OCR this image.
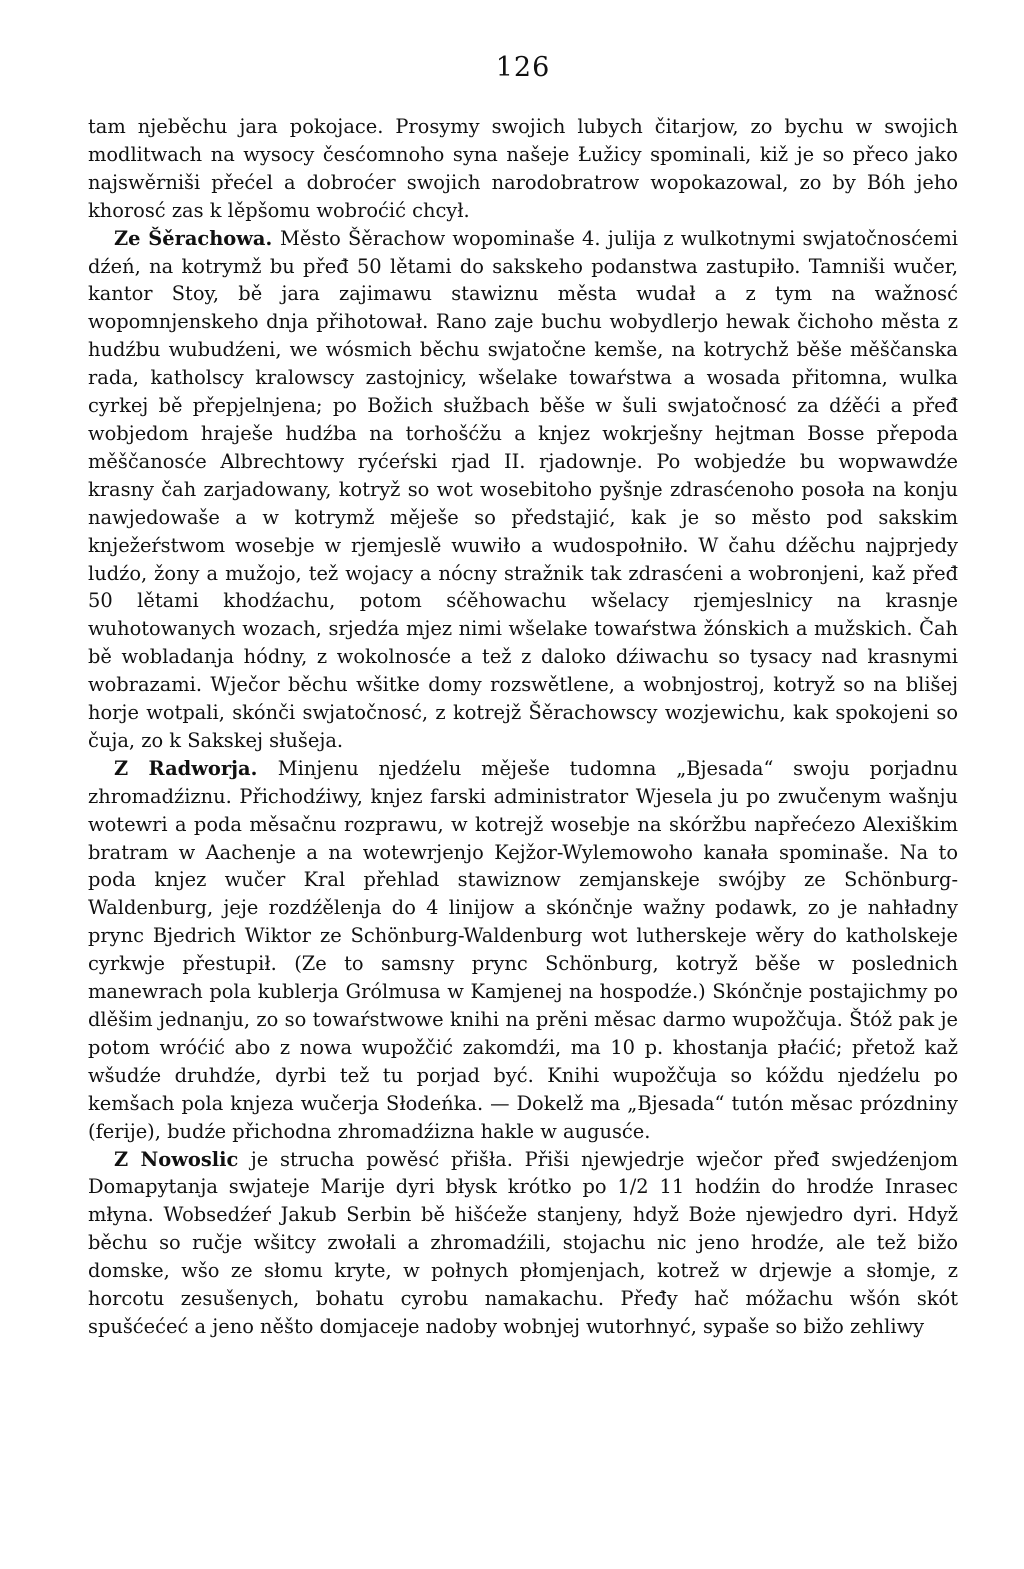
126

tam njeběchu jara pokojace. Prosymy swojich lubych čitarjow, zo bychu w swojich modlitwach na wysocy česćomnoho syna našeje Łužicy spominali, kiž je so přeco jako najswěrniši přećel a dobroćer swojich narodobratrow wopokazowal, zo by Bóh jeho khorosć zas k lěpšomu wobroćić chcył.

Ze Šěrachowa. Město Šěrachow wopominaše 4. julija z wulkotnymi swjatočnosćemi dźeń, na kotrymž bu přeđ 50 lětami do sakskeho podanstwa zastupiło. Tamniši wučer, kantor Stoy, bě jara zajimawu stawiznu města wudał a z tym na wažnosć wopomnjenskeho dnja přihotował. Rano zaje buchu wobydlerjo hewak čichoho města z hudźbu wubudźeni, we wósmich běchu swjatočne kemše, na kotrychž běše měščanska rada, katholscy kralowscy zastojnicy, wšelake towaŕstwa a wosada přitomna, wulka cyrkej bě přepjelnjena; po Božich słužbach běše w šuli swjatočnosć za dźěći a přeđ wobjedom hraješe hudźba na torhošćžu a knjez wokrješny hejtman Bosse přepoda měščanosće Albrechtowy ryćeŕski rjad II. rjadownje. Po wobjedźe bu wopwawdźe krasny čah zarjadowany, kotryž so wot wosebitoho pyšnje zdrasćenoho posoła na konju nawjedowaše a w kotrymž měješe so předstajić, kak je so město pod sakskim knježeŕstwom wosebje w rjemjeslě wuwiło a wudospołniło. W čahu dźěchu najprjedy ludźo, žony a mužojo, tež wojacy a nócny stražnik tak zdrasćeni a wobronjeni, kaž přeđ 50 lětami khodźachu, potom sćěhowachu wšelacy rjemjeslnicy na krasnje wuhotowanych wozach, srjedźa mjez nimi wšelake towaŕstwa žónskich a mužskich. Čah bě wobladanja hódny, z wokolnosće a tež z daloko dźiwachu so tysacy nad krasnymi wobrazami. Wječor běchu wšitke domy rozswětlene, a wobnjostroj, kotryž so na blišej horje wotpali, skónči swjatočnosć, z kotrejž Šěrachowscy wozjewichu, kak spokojeni so čuja, zo k Sakskej słušeja.

Z Radworja. Minjenu njedźelu měješe tudomna „Bjesada“ swoju porjadnu zhromadźiznu. Přichodźiwy, knjez farski administrator Wjesela ju po zwučenym wašnju wotewri a poda měsačnu rozprawu, w kotrejž wosebje na skóržbu napřećezo Alexiškim bratram w Aachenje a na wotewrjenjo Kejžor-Wylemowoho kanała spominaše. Na to poda knjez wučer Kral přehlad stawiznow zemjanskeje swójby ze Schönburg-Waldenburg, jeje rozdźělenja do 4 linijow a skónčnje wažny podawk, zo je nahładny prync Bjedrich Wiktor ze Schönburg-Waldenburg wot lutherskeje wěry do katholskeje cyrkwje přestupił. (Ze to samsny prync Schönburg, kotryž běše w poslednich manewrach pola kublerja Grólmusa w Kamjenej na hospodźe.) Skónčnje postajichmy po dlěšim jednanju, zo so towaŕstwowe knihi na prěni měsac darmo wupožčuja. Štóž pak je potom wróćić abo z nowa wupožčić zakomdźi, ma 10 p. khostanja płaćić; přetož kaž wšudźe druhdźe, dyrbi tež tu porjad być. Knihi wupožčuja so kóždu njedźelu po kemšach pola knjeza wučerja Słodeńka. — Dokelž ma „Bjesada“ tutón měsac prózdniny (ferije), budźe přichodna zhromadźizna hakle w augusće.

Z Nowoslic je strucha powěsć přišła. Přiši njewjedrje wječor přeđ swjedźenjom Domapytanja swjateje Marije dyri błysk krótko po 1/2 11 hodźin do hrodźe Inrasec młyna. Wobsedźeŕ Jakub Serbin bě hišćeže stanjeny, hdyž Boże njewjedro dyri. Hdyž běchu so ručje wšitcy zwołali a zhromadźili, stojachu nic jeno hrodźe, ale tež bižo domske, wšo ze słomu kryte, w połnych płomjenjach, kotrež w drjewje a słomje, z horcotu zesušenych, bohatu cyrobu namakachu. Přeđy hač móžachu wšón skót spušćećeć a jeno něšto domjaceje nadoby wobnjej wutorhnyć, sypaše so bižo zehliwy
